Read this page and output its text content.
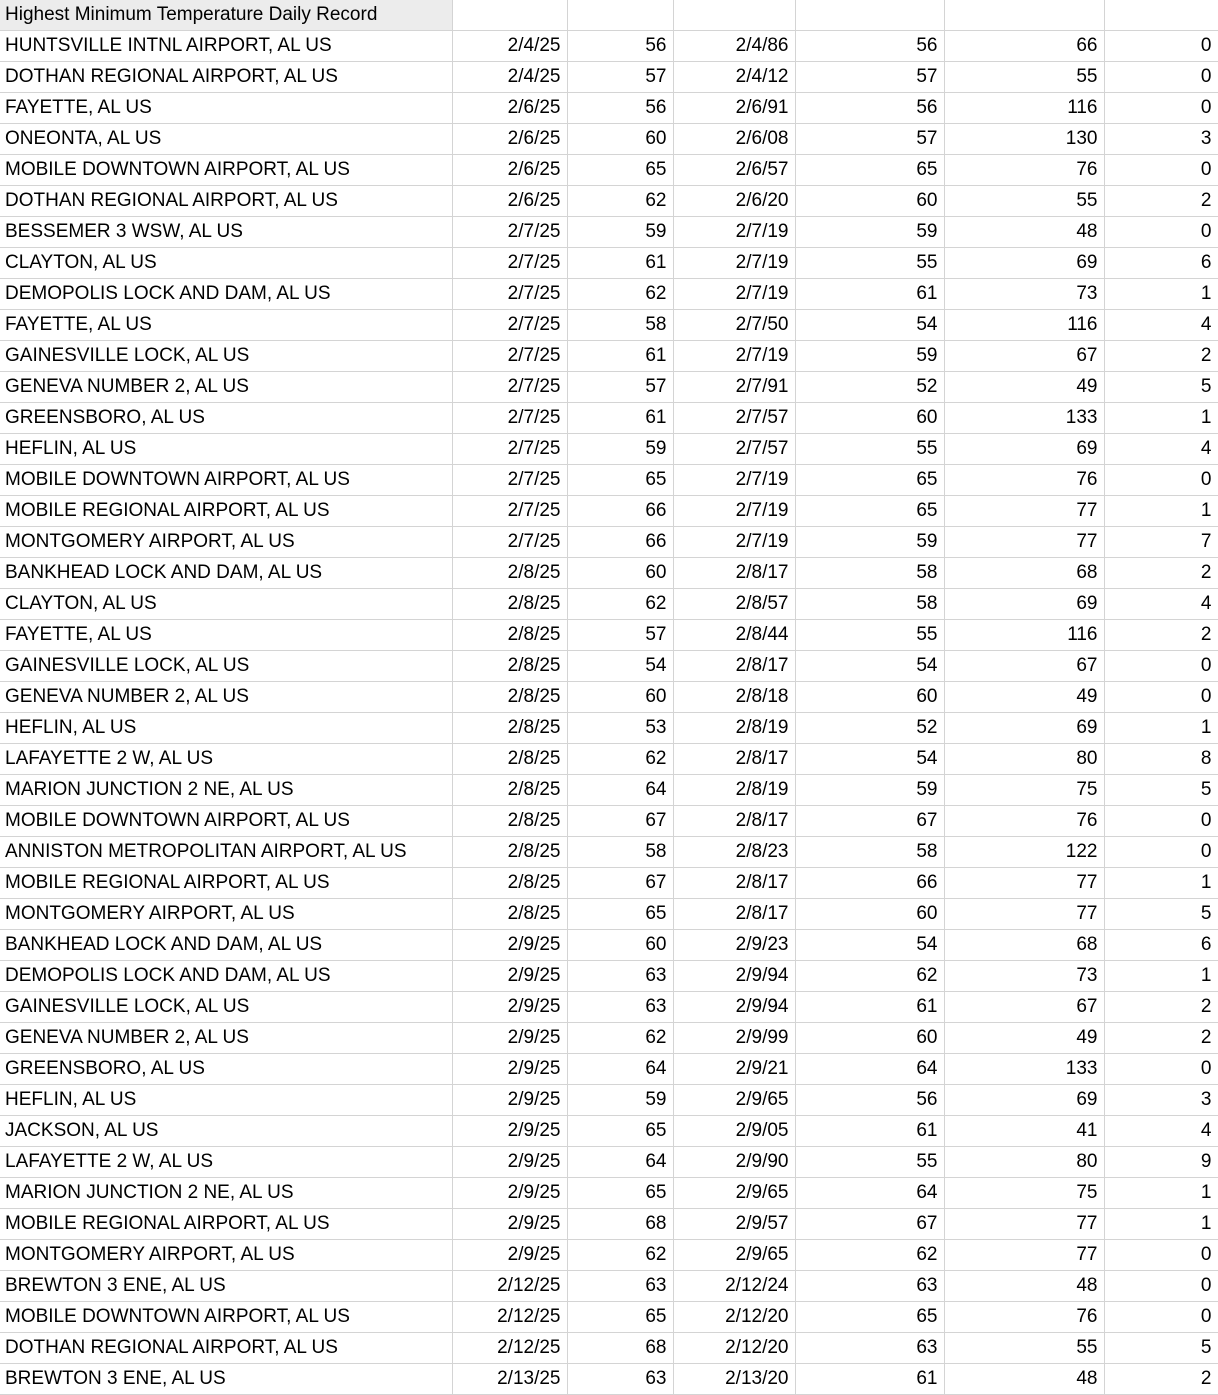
Highest Minimum Temperature Daily Record						
HUNTSVILLE INTNL AIRPORT, AL US	2/4/25	56	2/4/86	56	66	0
DOTHAN REGIONAL AIRPORT, AL US	2/4/25	57	2/4/12	57	55	0
FAYETTE, AL US	2/6/25	56	2/6/91	56	116	0
ONEONTA, AL US	2/6/25	60	2/6/08	57	130	3
MOBILE DOWNTOWN AIRPORT, AL US	2/6/25	65	2/6/57	65	76	0
DOTHAN REGIONAL AIRPORT, AL US	2/6/25	62	2/6/20	60	55	2
BESSEMER 3 WSW, AL US	2/7/25	59	2/7/19	59	48	0
CLAYTON, AL US	2/7/25	61	2/7/19	55	69	6
DEMOPOLIS LOCK AND DAM, AL US	2/7/25	62	2/7/19	61	73	1
FAYETTE, AL US	2/7/25	58	2/7/50	54	116	4
GAINESVILLE LOCK, AL US	2/7/25	61	2/7/19	59	67	2
GENEVA NUMBER 2, AL US	2/7/25	57	2/7/91	52	49	5
GREENSBORO, AL US	2/7/25	61	2/7/57	60	133	1
HEFLIN, AL US	2/7/25	59	2/7/57	55	69	4
MOBILE DOWNTOWN AIRPORT, AL US	2/7/25	65	2/7/19	65	76	0
MOBILE REGIONAL AIRPORT, AL US	2/7/25	66	2/7/19	65	77	1
MONTGOMERY AIRPORT, AL US	2/7/25	66	2/7/19	59	77	7
BANKHEAD LOCK AND DAM, AL US	2/8/25	60	2/8/17	58	68	2
CLAYTON, AL US	2/8/25	62	2/8/57	58	69	4
FAYETTE, AL US	2/8/25	57	2/8/44	55	116	2
GAINESVILLE LOCK, AL US	2/8/25	54	2/8/17	54	67	0
GENEVA NUMBER 2, AL US	2/8/25	60	2/8/18	60	49	0
HEFLIN, AL US	2/8/25	53	2/8/19	52	69	1
LAFAYETTE 2 W, AL US	2/8/25	62	2/8/17	54	80	8
MARION JUNCTION 2 NE, AL US	2/8/25	64	2/8/19	59	75	5
MOBILE DOWNTOWN AIRPORT, AL US	2/8/25	67	2/8/17	67	76	0
ANNISTON METROPOLITAN AIRPORT, AL US	2/8/25	58	2/8/23	58	122	0
MOBILE REGIONAL AIRPORT, AL US	2/8/25	67	2/8/17	66	77	1
MONTGOMERY AIRPORT, AL US	2/8/25	65	2/8/17	60	77	5
BANKHEAD LOCK AND DAM, AL US	2/9/25	60	2/9/23	54	68	6
DEMOPOLIS LOCK AND DAM, AL US	2/9/25	63	2/9/94	62	73	1
GAINESVILLE LOCK, AL US	2/9/25	63	2/9/94	61	67	2
GENEVA NUMBER 2, AL US	2/9/25	62	2/9/99	60	49	2
GREENSBORO, AL US	2/9/25	64	2/9/21	64	133	0
HEFLIN, AL US	2/9/25	59	2/9/65	56	69	3
JACKSON, AL US	2/9/25	65	2/9/05	61	41	4
LAFAYETTE 2 W, AL US	2/9/25	64	2/9/90	55	80	9
MARION JUNCTION 2 NE, AL US	2/9/25	65	2/9/65	64	75	1
MOBILE REGIONAL AIRPORT, AL US	2/9/25	68	2/9/57	67	77	1
MONTGOMERY AIRPORT, AL US	2/9/25	62	2/9/65	62	77	0
BREWTON 3 ENE, AL US	2/12/25	63	2/12/24	63	48	0
MOBILE DOWNTOWN AIRPORT, AL US	2/12/25	65	2/12/20	65	76	0
DOTHAN REGIONAL AIRPORT, AL US	2/12/25	68	2/12/20	63	55	5
BREWTON 3 ENE, AL US	2/13/25	63	2/13/20	61	48	2
